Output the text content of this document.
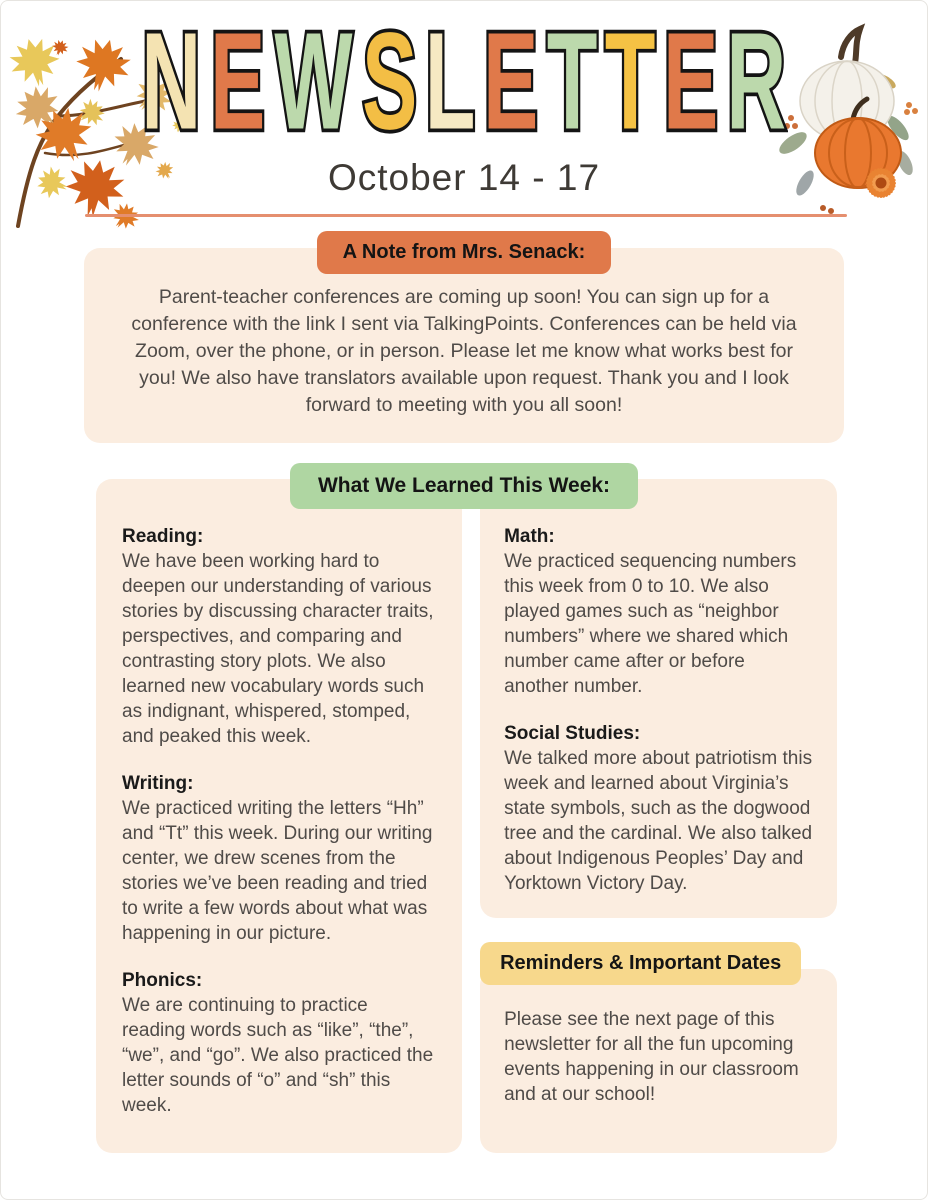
N E W S L E T T E R
October 14 - 17
A Note from Mrs. Senack:

Parent-teacher conferences are coming up soon! You can sign up for a conference with the link I sent via TalkingPoints. Conferences can be held via Zoom, over the phone, or in person. Please let me know what works best for you! We also have translators available upon request. Thank you and I look forward to meeting with you all soon!

What We Learned This Week:
Reading:

We have been working hard to deepen our understanding of various stories by discussing character traits, perspectives, and comparing and contrasting story plots. We also learned new vocabulary words such as indignant, whispered, stomped, and peaked this week.

Writing:

We practiced writing the letters “Hh” and “Tt” this week. During our writing center, we drew scenes from the stories we’ve been reading and tried to write a few words about what was happening in our picture.

Phonics:

We are continuing to practice reading words such as “like”, “the”, “we”, and “go”. We also practiced the letter sounds of “o” and “sh” this week.

Math:

We practiced sequencing numbers this week from 0 to 10. We also played games such as “neighbor numbers” where we shared which number came after or before another number.

Social Studies:

We talked more about patriotism this week and learned about Virginia’s state symbols, such as the dogwood tree and the cardinal. We also talked about Indigenous Peoples’ Day and Yorktown Victory Day.

Reminders & Important Dates

Please see the next page of this newsletter for all the fun upcoming events happening in our classroom and at our school!
